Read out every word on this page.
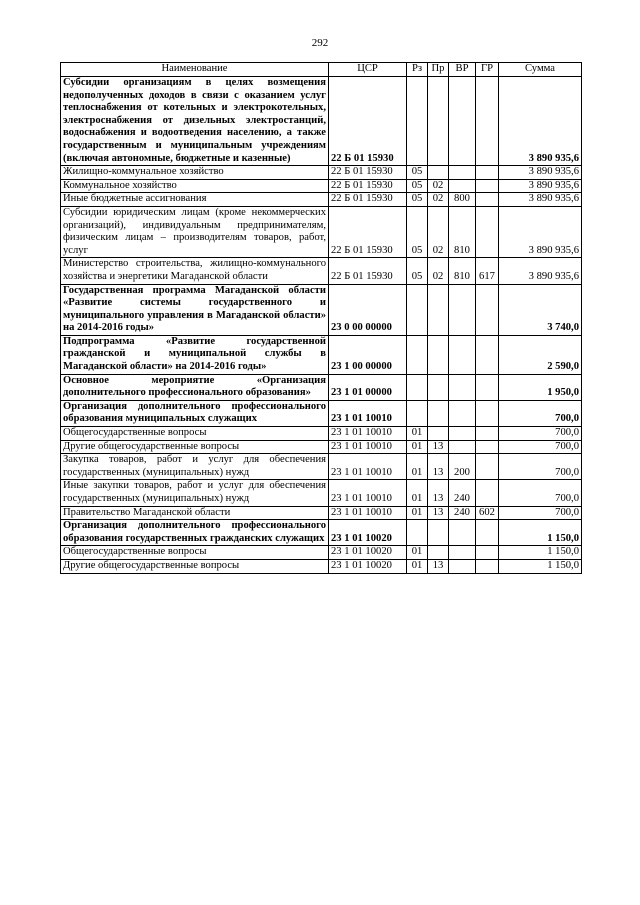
292
Наименование	ЦСР	Рз	Пр	ВР	ГР	Сумма
Субсидии организациям в целях возмещения недополученных доходов в связи с оказанием услуг теплоснабжения от котельных и электрокотельных, электроснабжения от дизельных электростанций, водоснабжения и водоотведения населению, а также государственным и муниципальным учреждениям (включая автономные, бюджетные и казенные)	22 Б 01 15930					3 890 935,6
Жилищно-коммунальное хозяйство	22 Б 01 15930	05				3 890 935,6
Коммунальное хозяйство	22 Б 01 15930	05	02			3 890 935,6
Иные бюджетные ассигнования	22 Б 01 15930	05	02	800		3 890 935,6
Субсидии юридическим лицам (кроме некоммерческих организаций), индивидуальным предпринимателям, физическим лицам – производителям товаров, работ, услуг	22 Б 01 15930	05	02	810		3 890 935,6
Министерство строительства, жилищно-коммунального хозяйства и энергетики Магаданской области	22 Б 01 15930	05	02	810	617	3 890 935,6
Государственная программа Магаданской области «Развитие системы государственного и муниципального управления в Магаданской области» на 2014-2016 годы»	23 0 00 00000					3 740,0
Подпрограмма «Развитие государственной гражданской и муниципальной службы в Магаданской области» на 2014-2016 годы»	23 1 00 00000					2 590,0
Основное мероприятие «Организация дополнительного профессионального образования»	23 1 01 00000					1 950,0
Организация дополнительного профессионального образования муниципальных служащих	23 1 01 10010					700,0
Общегосударственные вопросы	23 1 01 10010	01				700,0
Другие общегосударственные вопросы	23 1 01 10010	01	13			700,0
Закупка товаров, работ и услуг для обеспечения государственных (муниципальных) нужд	23 1 01 10010	01	13	200		700,0
Иные закупки товаров, работ и услуг для обеспечения государственных (муниципальных) нужд	23 1 01 10010	01	13	240		700,0
Правительство Магаданской области	23 1 01 10010	01	13	240	602	700,0
Организация дополнительного профессионального образования государственных гражданских служащих	23 1 01 10020					1 150,0
Общегосударственные вопросы	23 1 01 10020	01				1 150,0
Другие общегосударственные вопросы	23 1 01 10020	01	13			1 150,0
